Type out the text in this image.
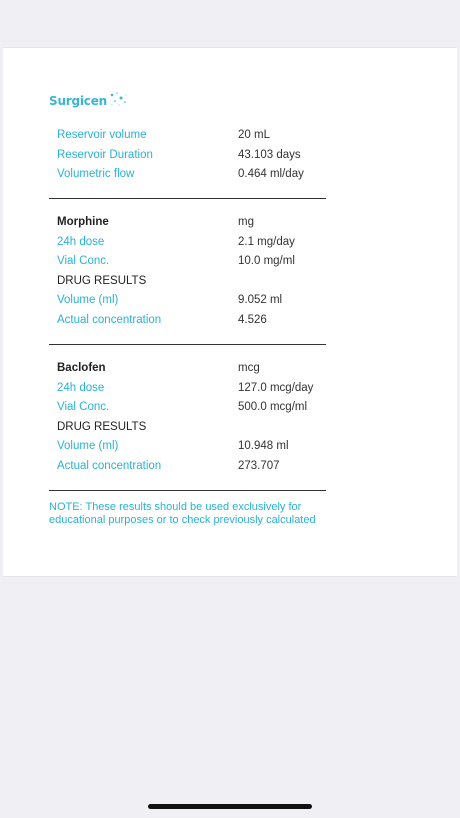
Surgicen
Reservoir volume	20 mL
Reservoir Duration	43.103 days
Volumetric flow	0.464 ml/day
Morphine	mg
24h dose	2.1 mg/day
Vial Conc.	10.0 mg/ml
DRUG RESULTS
Volume (ml)	9.052 ml
Actual concentration	4.526
Baclofen	mcg
24h dose	127.0 mcg/day
Vial Conc.	500.0 mcg/ml
DRUG RESULTS
Volume (ml)	10.948 ml
Actual concentration	273.707
NOTE: These results should be used exclusively for
educational purposes or to check previously calculated
